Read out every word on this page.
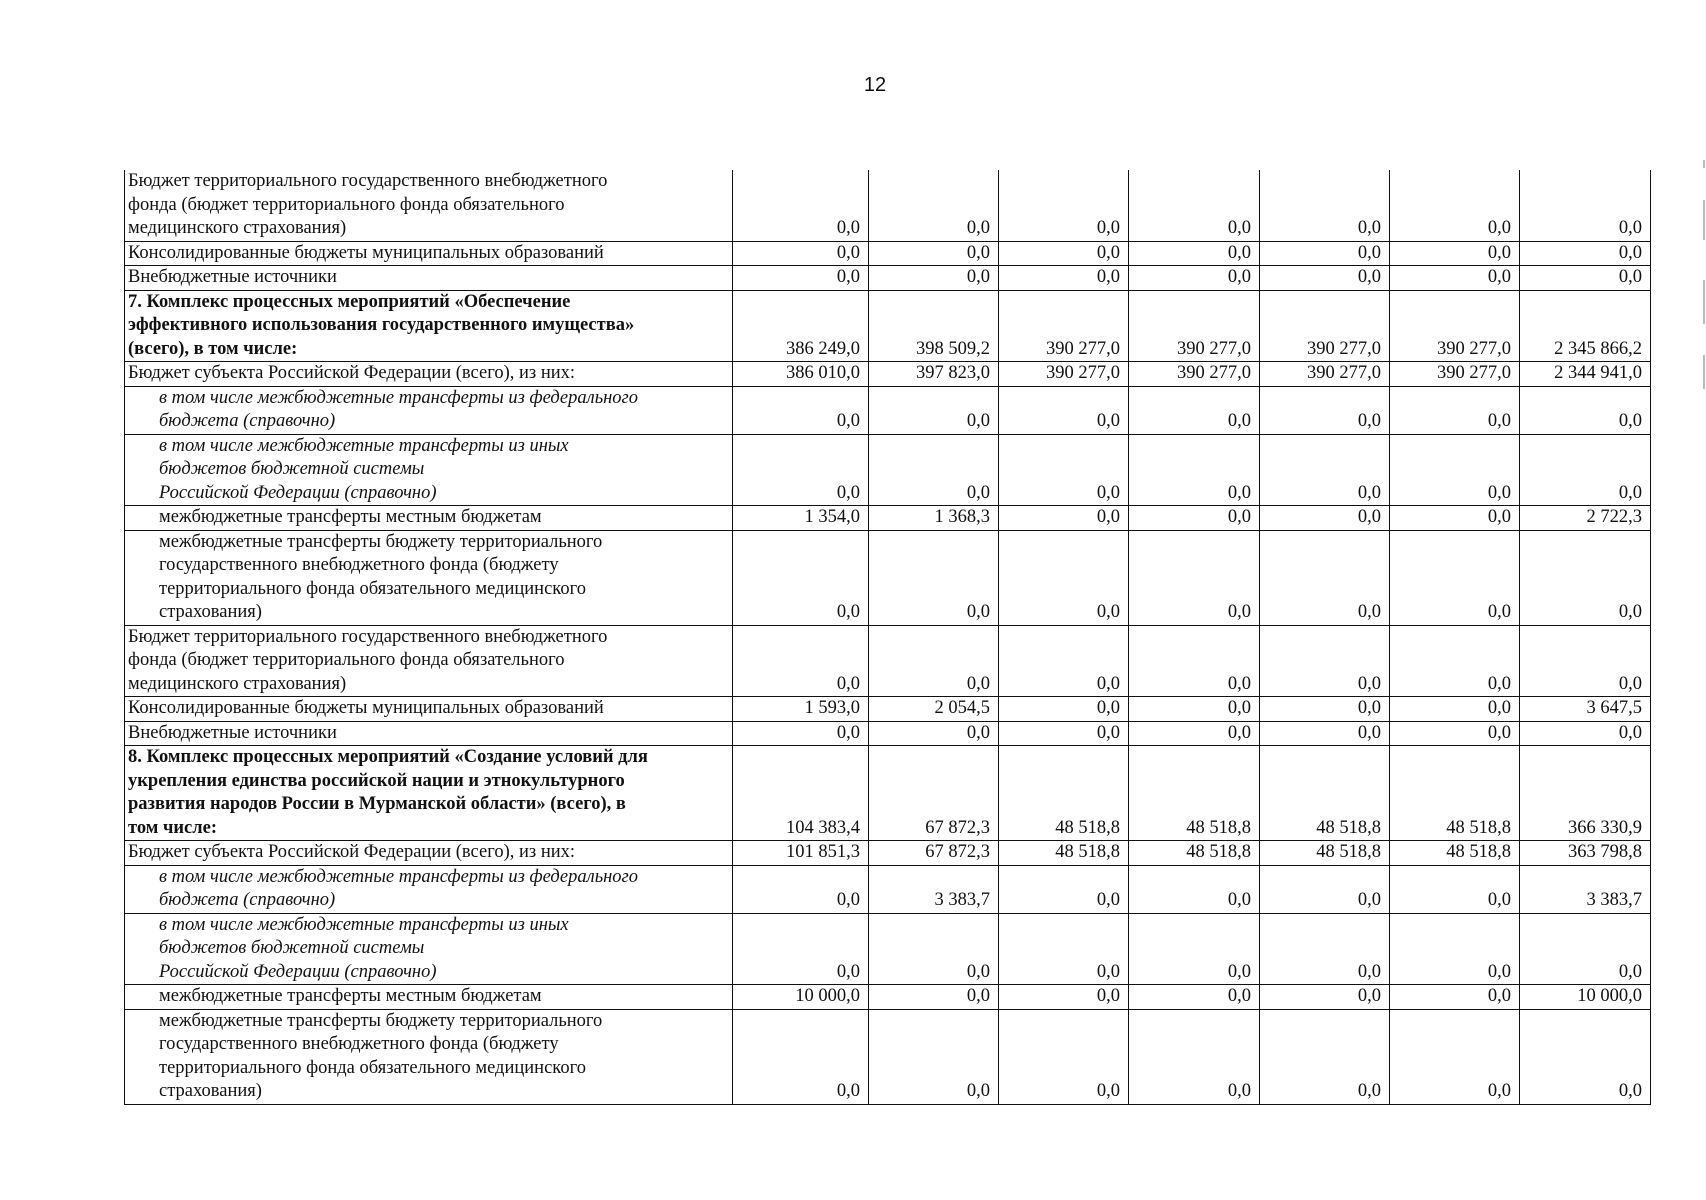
12
Бюджет территориального государственного внебюджетного
фонда (бюджет территориального фонда обязательного
медицинского страхования)	0,0	0,0	0,0	0,0	0,0	0,0	0,0
Консолидированные бюджеты муниципальных образований	0,0	0,0	0,0	0,0	0,0	0,0	0,0
Внебюджетные источники	0,0	0,0	0,0	0,0	0,0	0,0	0,0
7. Комплекс процессных мероприятий «Обеспечение
эффективного использования государственного имущества»
(всего), в том числе:	386 249,0	398 509,2	390 277,0	390 277,0	390 277,0	390 277,0	2 345 866,2
Бюджет субъекта Российской Федерации (всего), из них:	386 010,0	397 823,0	390 277,0	390 277,0	390 277,0	390 277,0	2 344 941,0
в том числе межбюджетные трансферты из федерального
бюджета (справочно)	0,0	0,0	0,0	0,0	0,0	0,0	0,0
в том числе межбюджетные трансферты из иных
бюджетов бюджетной системы
Российской Федерации (справочно)	0,0	0,0	0,0	0,0	0,0	0,0	0,0
межбюджетные трансферты местным бюджетам	1 354,0	1 368,3	0,0	0,0	0,0	0,0	2 722,3
межбюджетные трансферты бюджету территориального
государственного внебюджетного фонда (бюджету
территориального фонда обязательного медицинского
страхования)	0,0	0,0	0,0	0,0	0,0	0,0	0,0
Бюджет территориального государственного внебюджетного
фонда (бюджет территориального фонда обязательного
медицинского страхования)	0,0	0,0	0,0	0,0	0,0	0,0	0,0
Консолидированные бюджеты муниципальных образований	1 593,0	2 054,5	0,0	0,0	0,0	0,0	3 647,5
Внебюджетные источники	0,0	0,0	0,0	0,0	0,0	0,0	0,0
8. Комплекс процессных мероприятий «Создание условий для
укрепления единства российской нации и этнокультурного
развития народов России в Мурманской области» (всего), в
том числе:	104 383,4	67 872,3	48 518,8	48 518,8	48 518,8	48 518,8	366 330,9
Бюджет субъекта Российской Федерации (всего), из них:	101 851,3	67 872,3	48 518,8	48 518,8	48 518,8	48 518,8	363 798,8
в том числе межбюджетные трансферты из федерального
бюджета (справочно)	0,0	3 383,7	0,0	0,0	0,0	0,0	3 383,7
в том числе межбюджетные трансферты из иных
бюджетов бюджетной системы
Российской Федерации (справочно)	0,0	0,0	0,0	0,0	0,0	0,0	0,0
межбюджетные трансферты местным бюджетам	10 000,0	0,0	0,0	0,0	0,0	0,0	10 000,0
межбюджетные трансферты бюджету территориального
государственного внебюджетного фонда (бюджету
территориального фонда обязательного медицинского
страхования)	0,0	0,0	0,0	0,0	0,0	0,0	0,0
